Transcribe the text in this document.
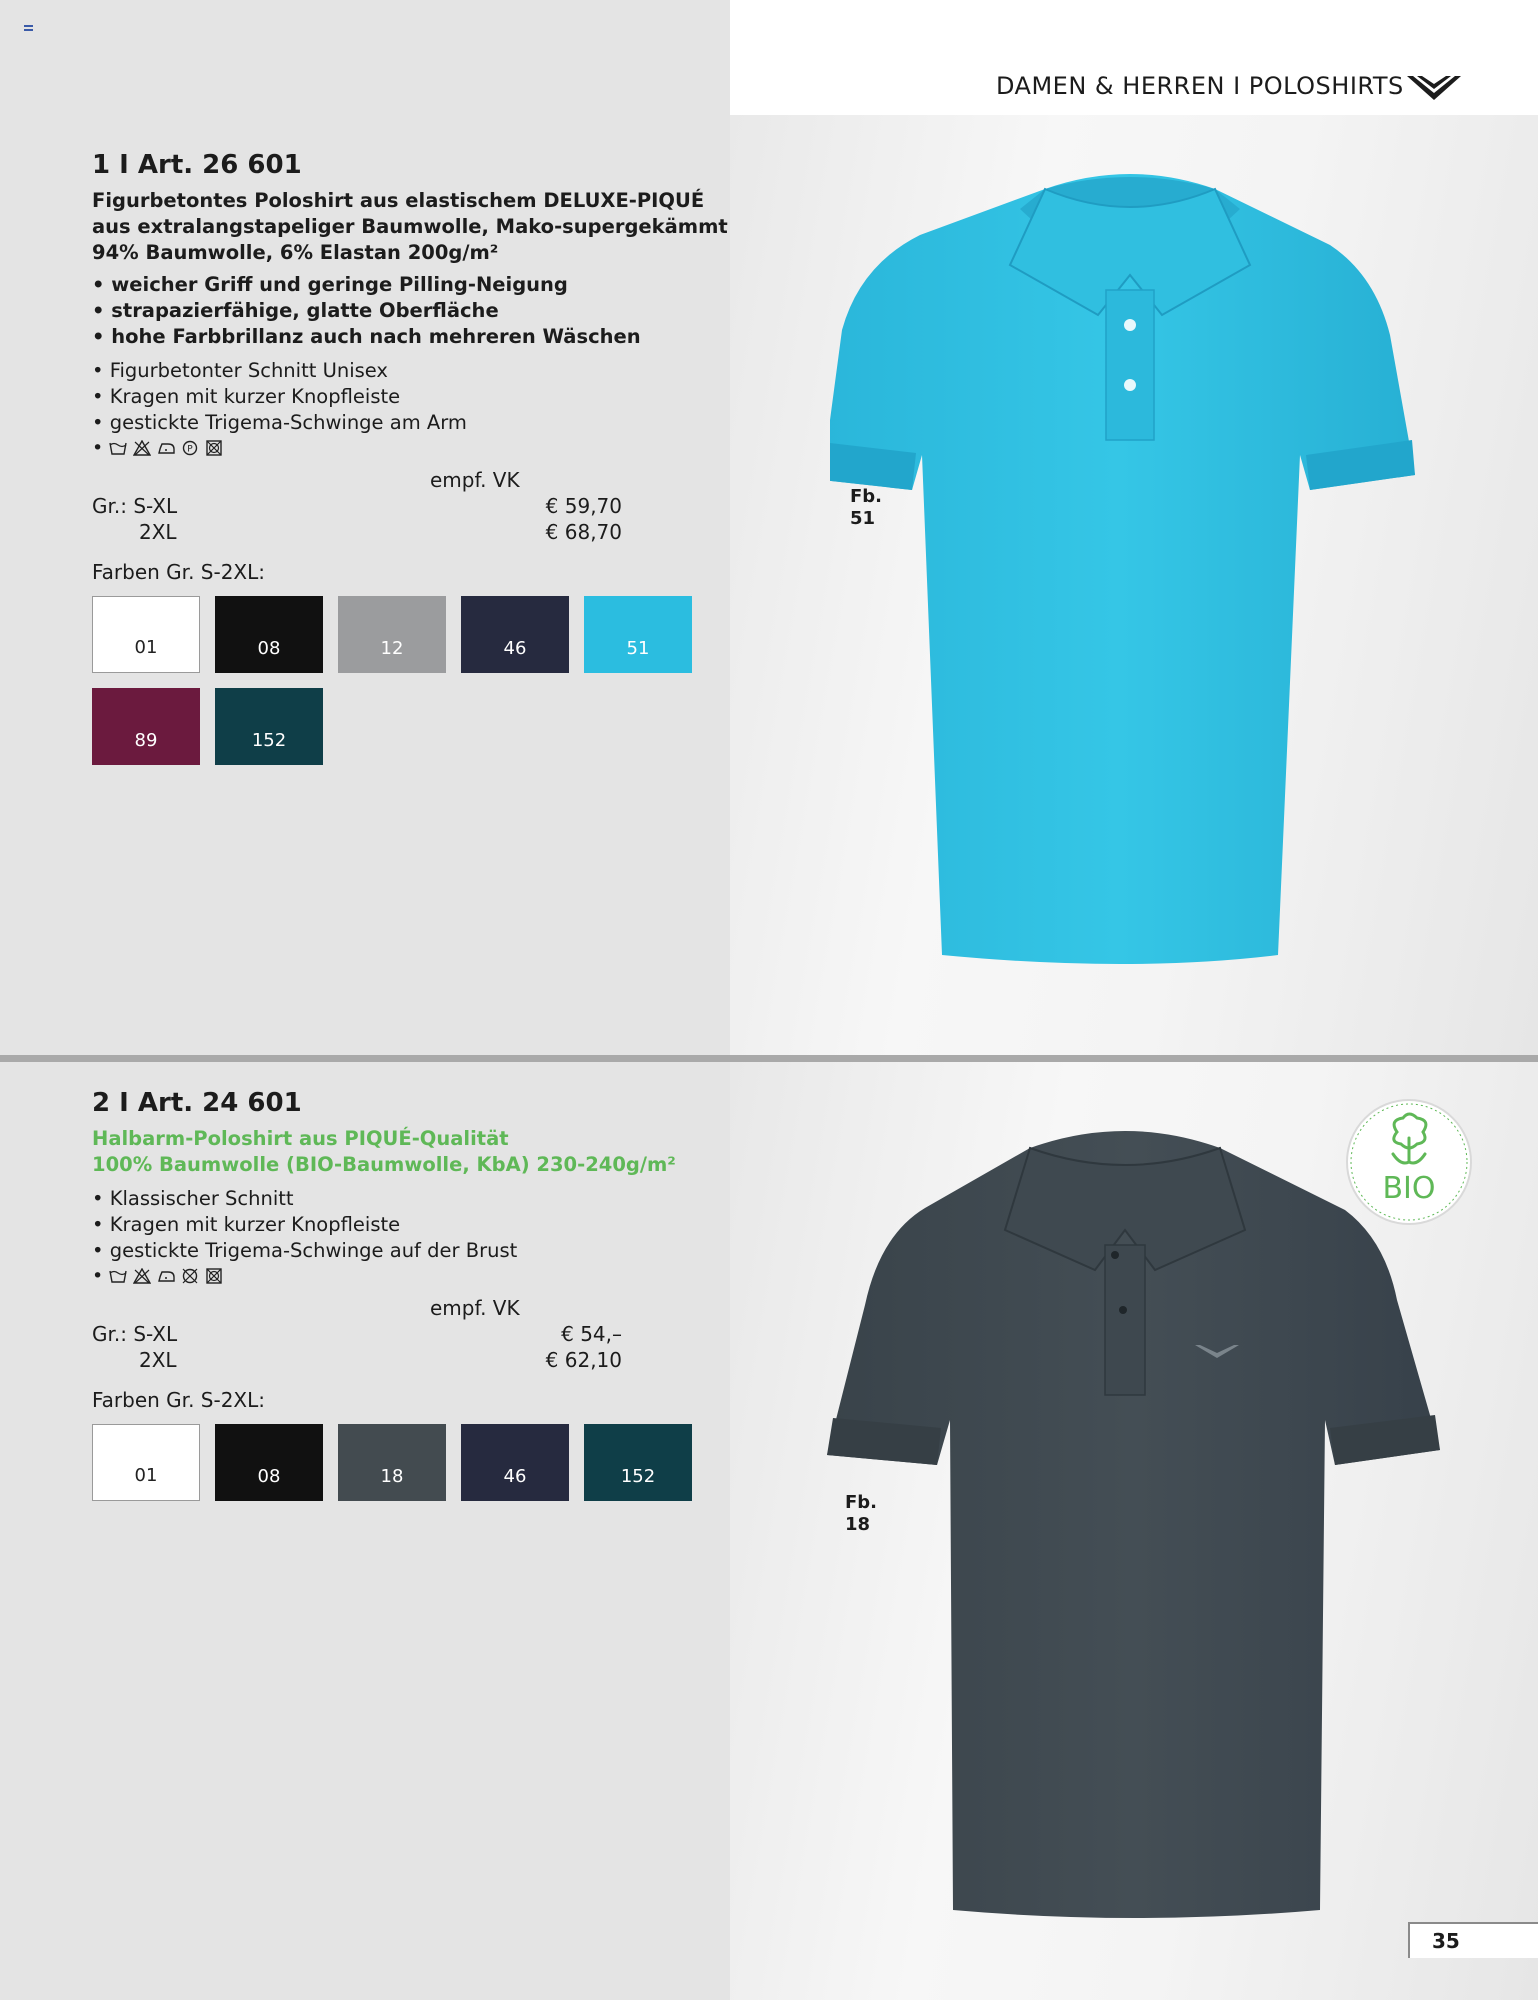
DAMEN & HERREN I POLOSHIRTS
1 I Art. 26 601
Figurbetontes Poloshirt aus elastischem DELUXE-PIQUÉ
aus extralangstapeliger Baumwolle, Mako-supergekämmt
94% Baumwolle, 6% Elastan 200g/m²
• weicher Griff und geringe Pilling-Neigung
• strapazierfähige, glatte Oberfläche
• hohe Farbbrillanz auch nach mehreren Wäschen
• Figurbetonter Schnitt Unisex
• Kragen mit kurzer Knopfleiste
• gestickte Trigema-Schwinge am Arm
•
P
empf. VK
Gr.: S-XL	€ 59,70
2XL	€ 68,70
Farben Gr. S-2XL:
01	08	12	46	51
89	152
Fb.
51
2 I Art. 24 601
Halbarm-Poloshirt aus PIQUÉ-Qualität
100% Baumwolle (BIO-Baumwolle, KbA) 230-240g/m²
• Klassischer Schnitt
• Kragen mit kurzer Knopfleiste
• gestickte Trigema-Schwinge auf der Brust
•
empf. VK
Gr.: S-XL	€ 54,–
2XL	€ 62,10
Farben Gr. S-2XL:
01	08	18	46	152
Fb.
18
BIO
35
